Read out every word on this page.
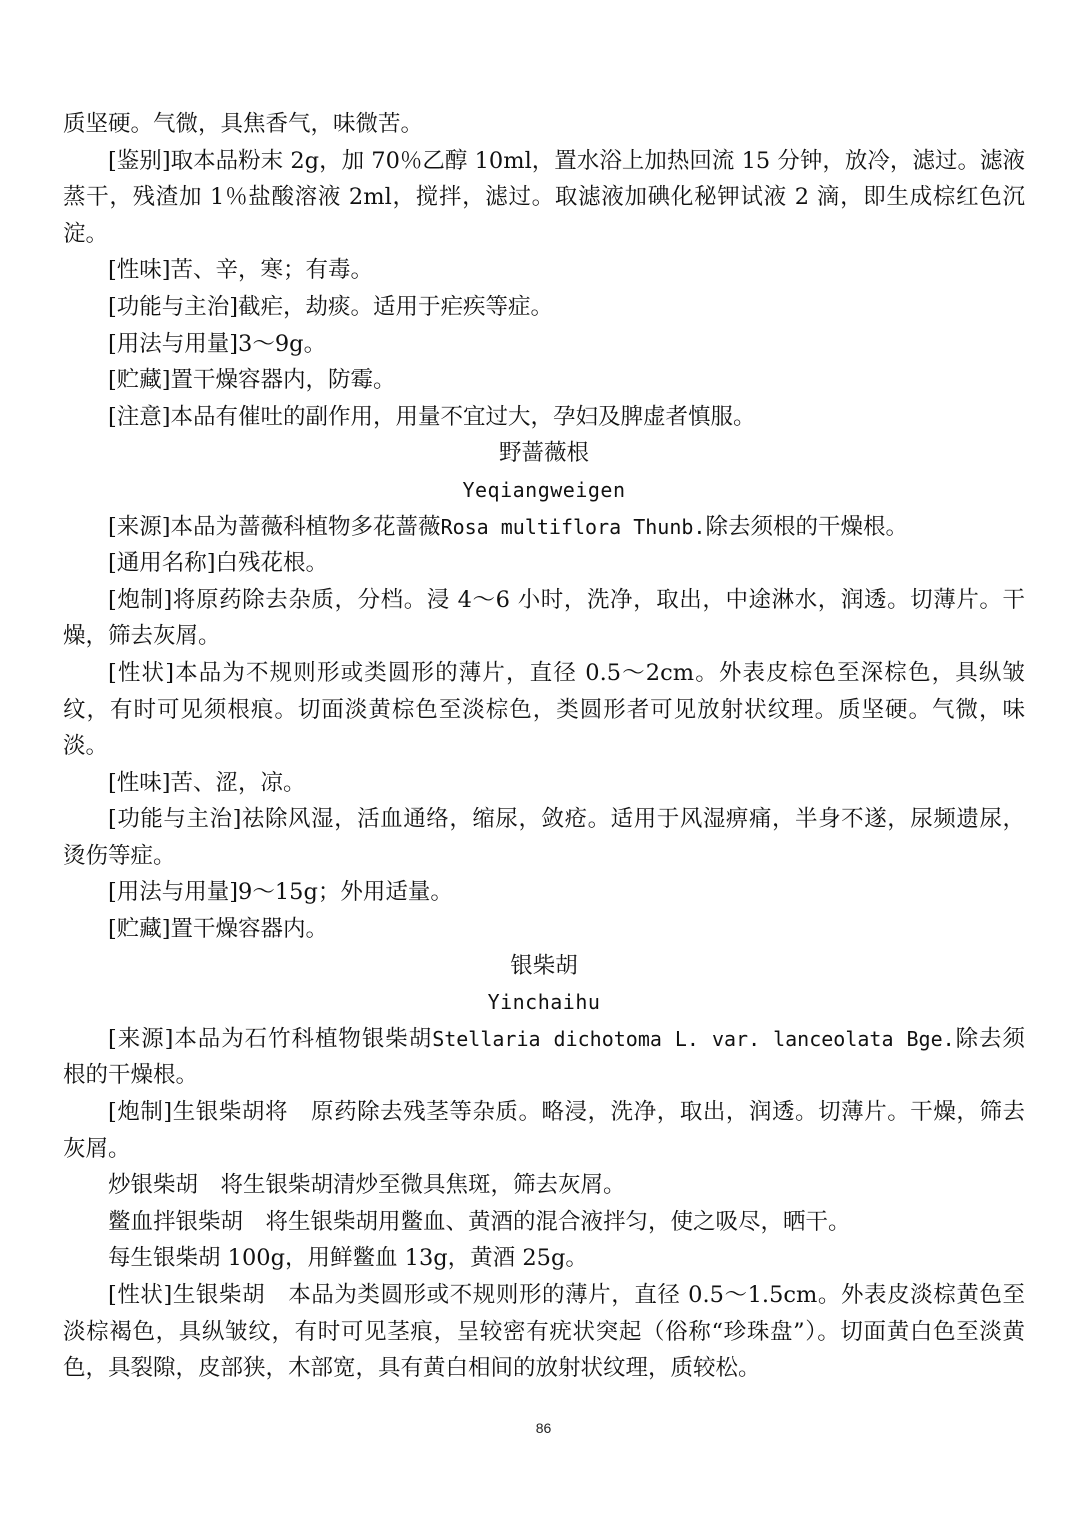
质坚硬。气微，具焦香气，味微苦。

[鉴别]取本品粉末 2g，加 70％乙醇 10ml，置水浴上加热回流 15 分钟，放冷，滤过。滤液蒸干，残渣加 1％盐酸溶液 2ml，搅拌，滤过。取滤液加碘化秘钾试液 2 滴，即生成棕红色沉淀。

[性味]苦、辛，寒；有毒。

[功能与主治]截疟，劫痰。适用于疟疾等症。

[用法与用量]3～9g。

[贮藏]置干燥容器内，防霉。

[注意]本品有催吐的副作用，用量不宜过大，孕妇及脾虚者慎服。

野蔷薇根

Yeqiangweigen

[来源]本品为蔷薇科植物多花蔷薇Rosa multiflora Thunb.除去须根的干燥根。

[通用名称]白残花根。

[炮制]将原药除去杂质，分档。浸 4～6 小时，洗净，取出，中途淋水，润透。切薄片。干燥，筛去灰屑。

[性状]本品为不规则形或类圆形的薄片，直径 0.5～2cm。外表皮棕色至深棕色，具纵皱纹，有时可见须根痕。切面淡黄棕色至淡棕色，类圆形者可见放射状纹理。质坚硬。气微，味淡。

[性味]苦、涩，凉。

[功能与主治]祛除风湿，活血通络，缩尿，敛疮。适用于风湿痹痛，半身不遂，尿频遗尿，烫伤等症。

[用法与用量]9～15g；外用适量。

[贮藏]置干燥容器内。

银柴胡

Yinchaihu

[来源]本品为石竹科植物银柴胡Stellaria dichotoma L. var. lanceolata Bge.除去须根的干燥根。

[炮制]生银柴胡将　原药除去残茎等杂质。略浸，洗净，取出，润透。切薄片。干燥，筛去灰屑。

炒银柴胡　将生银柴胡清炒至微具焦斑，筛去灰屑。

鳖血拌银柴胡　将生银柴胡用鳖血、黄酒的混合液拌匀，使之吸尽，晒干。

每生银柴胡 100g，用鲜鳖血 13g，黄酒 25g。

[性状]生银柴胡　本品为类圆形或不规则形的薄片，直径 0.5～1.5cm。外表皮淡棕黄色至淡棕褐色，具纵皱纹，有时可见茎痕，呈较密有疣状突起（俗称“珍珠盘”）。切面黄白色至淡黄色，具裂隙，皮部狭，木部宽，具有黄白相间的放射状纹理，质较松。

86
